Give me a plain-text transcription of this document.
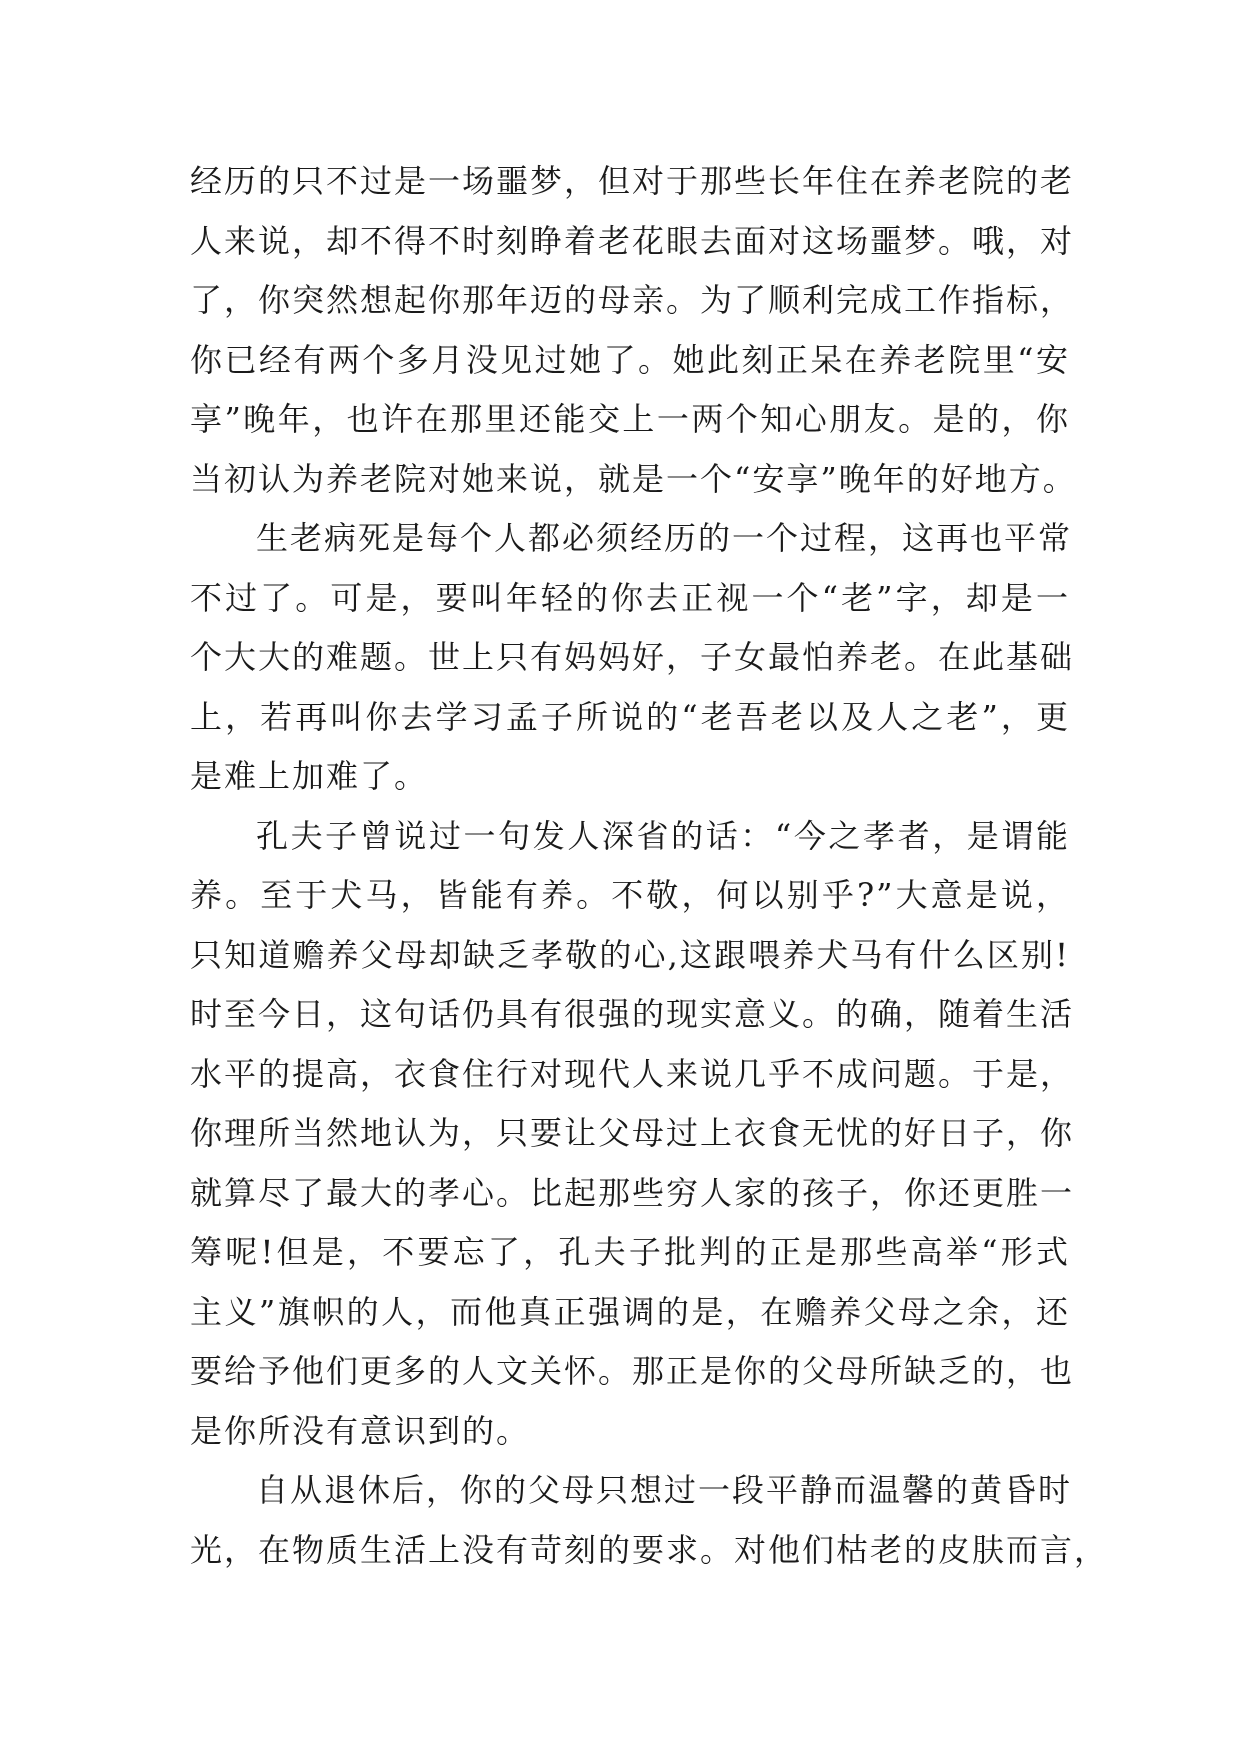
经历的只不过是一场噩梦，但对于那些长年住在养老院的老
人来说，却不得不时刻睁着老花眼去面对这场噩梦。哦，对
了，你突然想起你那年迈的母亲。为了顺利完成工作指标，
你已经有两个多月没见过她了。她此刻正呆在养老院里“安
享”晚年，也许在那里还能交上一两个知心朋友。是的，你
当初认为养老院对她来说，就是一个“安享”晚年的好地方。

生老病死是每个人都必须经历的一个过程，这再也平常
不过了。可是，要叫年轻的你去正视一个“老”字，却是一
个大大的难题。世上只有妈妈好，子女最怕养老。在此基础
上，若再叫你去学习孟子所说的“老吾老以及人之老”，更
是难上加难了。

孔夫子曾说过一句发人深省的话：“今之孝者，是谓能
养。至于犬马，皆能有养。不敬，何以别乎?”大意是说，
只知道赡养父母却缺乏孝敬的心,这跟喂养犬马有什么区别!
时至今日，这句话仍具有很强的现实意义。的确，随着生活
水平的提高，衣食住行对现代人来说几乎不成问题。于是，
你理所当然地认为，只要让父母过上衣食无忧的好日子，你
就算尽了最大的孝心。比起那些穷人家的孩子，你还更胜一
筹呢!但是，不要忘了，孔夫子批判的正是那些高举“形式
主义”旗帜的人，而他真正强调的是，在赡养父母之余，还
要给予他们更多的人文关怀。那正是你的父母所缺乏的，也
是你所没有意识到的。

自从退休后，你的父母只想过一段平静而温馨的黄昏时
光，在物质生活上没有苛刻的要求。对他们枯老的皮肤而言，
